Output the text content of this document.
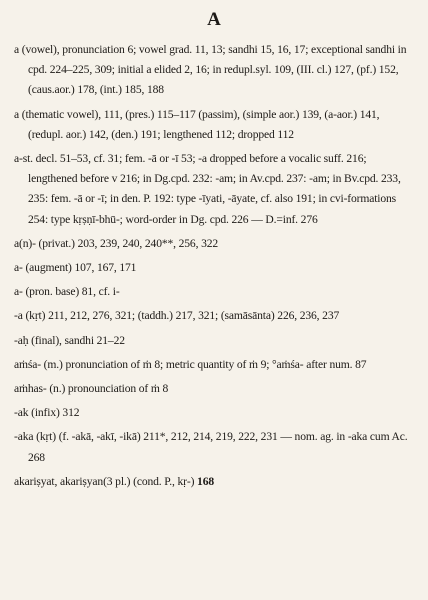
A
a (vowel), pronunciation 6; vowel grad. 11, 13; sandhi 15, 16, 17; exceptional sandhi in cpd. 224–225, 309; initial a elided 2, 16; in redupl.syl. 109, (III. cl.) 127, (pf.) 152, (caus.aor.) 178, (int.) 185, 188
a (thematic vowel), 111, (pres.) 115–117 (passim), (simple aor.) 139, (a-aor.) 141, (redupl. aor.) 142, (den.) 191; lengthened 112; dropped 112
a-st. decl. 51–53, cf. 31; fem. -ā or -ī 53; -a dropped before a vocalic suff. 216; lengthened before v 216; in Dg.cpd. 232: -am; in Av.cpd. 237: -am; in Bv.cpd. 233, 235: fem. -ā or -ī; in den. P. 192: type -īyati, -āyate, cf. also 191; in cvi-formations 254: type kṛṣṇī-bhū-; word-order in Dg. cpd. 226 — D.=inf. 276
a(n)- (privat.) 203, 239, 240, 240**, 256, 322
a- (augment) 107, 167, 171
a- (pron. base) 81, cf. i-
-a (kṛt) 211, 212, 276, 321; (taddh.) 217, 321; (samāsānta) 226, 236, 237
-aḥ (final), sandhi 21–22
aṁśa- (m.) pronunciation of ṁ 8; metric quantity of ṁ 9; °aṁśa- after num. 87
aṁhas- (n.) pronounciation of ṁ 8
-ak (infix) 312
-aka (kṛt) (f. -akā, -akī, -ikā) 211*, 212, 214, 219, 222, 231 — nom. ag. in -aka cum Ac. 268
akariṣyat, akariṣyan(3 pl.) (cond. P., kṛ-) 168
